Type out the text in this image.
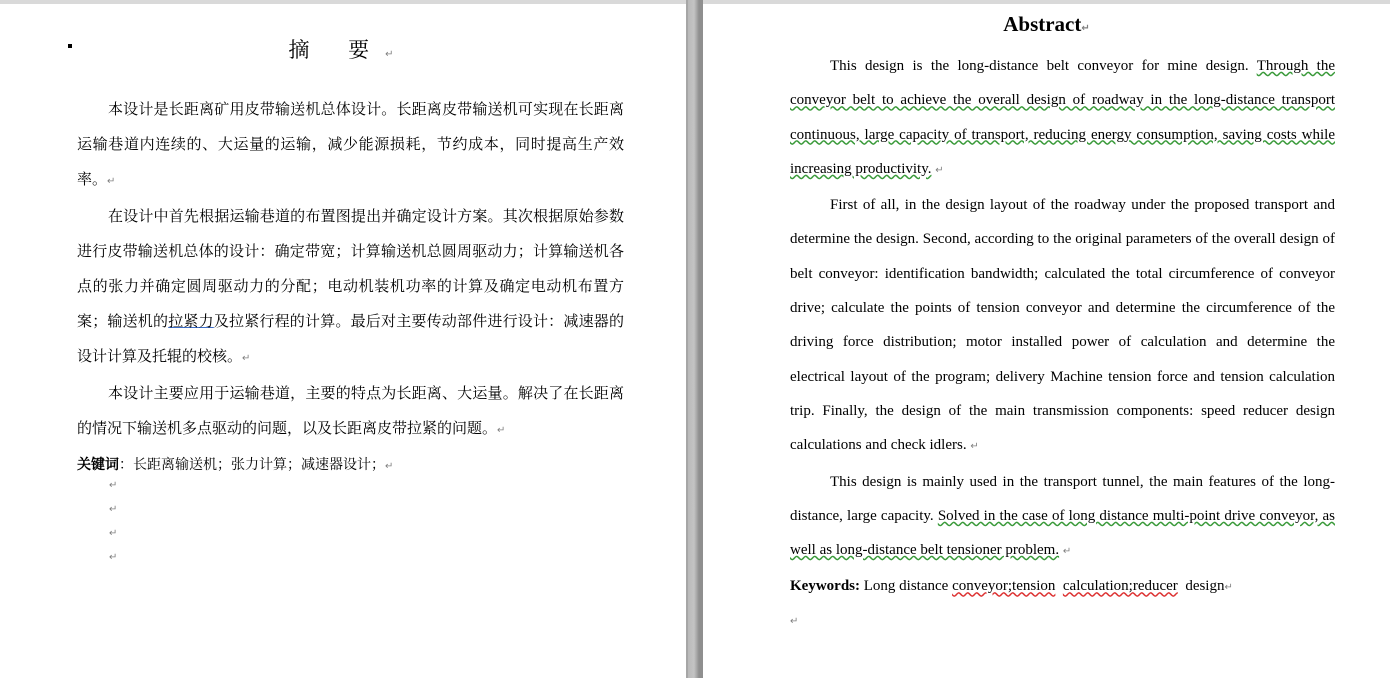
摘 要↵

本设计是长距离矿用皮带输送机总体设计。长距离皮带输送机可实现在长距离运输巷道内连续的、大运量的运输，减少能源损耗，节约成本，同时提高生产效率。↵

在设计中首先根据运输巷道的布置图提出并确定设计方案。其次根据原始参数进行皮带输送机总体的设计：确定带宽；计算输送机总圆周驱动力；计算输送机各点的张力并确定圆周驱动力的分配；电动机装机功率的计算及确定电动机布置方案；输送机的拉紧力及拉紧行程的计算。最后对主要传动部件进行设计：减速器的设计计算及托辊的校核。↵

本设计主要应用于运输巷道，主要的特点为长距离、大运量。解决了在长距离的情况下输送机多点驱动的问题，以及长距离皮带拉紧的问题。↵

关键词：长距离输送机；张力计算；减速器设计；↵

↵
↵
↵
↵
Abstract↵

This design is the long-distance belt conveyor for mine design. Through the conveyor belt to achieve the overall design of roadway in the long-distance transport continuous, large capacity of transport, reducing energy consumption, saving costs while increasing productivity. ↵

First of all, in the design layout of the roadway under the proposed transport and determine the design. Second, according to the original parameters of the overall design of belt conveyor: identification bandwidth; calculated the total circumference of conveyor drive; calculate the points of tension conveyor and determine the circumference of the driving force distribution; motor installed power of calculation and determine the electrical layout of the program; delivery Machine tension force and tension calculation trip. Finally, the design of the main transmission components: speed reducer design calculations and check idlers. ↵

This design is mainly used in the transport tunnel, the main features of the long-distance, large capacity. Solved in the case of long distance multi-point drive conveyor, as well as long-distance belt tensioner problem. ↵

Keywords: Long distance conveyor;tension calculation;reducer  design↵

↵
